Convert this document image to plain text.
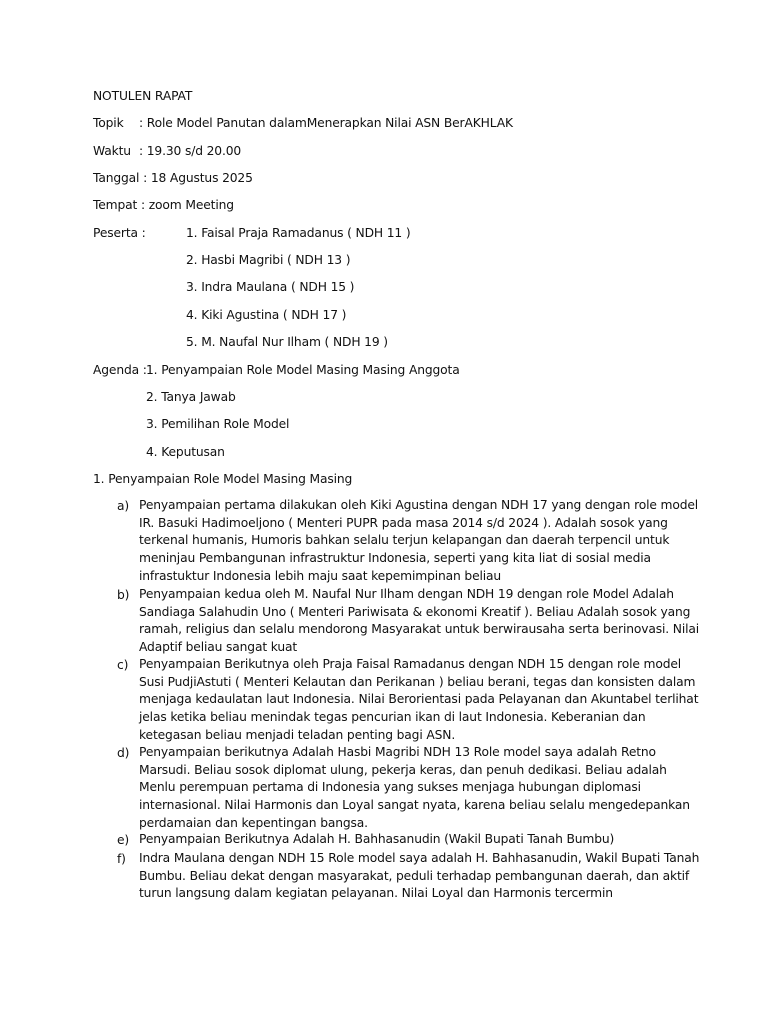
NOTULEN RAPAT
Topik : Role Model Panutan dalamMenerapkan Nilai ASN BerAKHLAK
Waktu : 19.30 s/d 20.00
Tanggal : 18 Agustus 2025
Tempat : zoom Meeting
Peserta :	1. Faisal Praja Ramadanus ( NDH 11 )
2. Hasbi Magribi ( NDH 13 )
3. Indra Maulana ( NDH 15 )
4. Kiki Agustina ( NDH 17 )
5. M. Naufal Nur Ilham ( NDH 19 )
Agenda : 1. Penyampaian Role Model Masing Masing Anggota
2. Tanya Jawab
3. Pemilihan Role Model
4. Keputusan
1. Penyampaian Role Model Masing Masing
a) Penyampaian pertama dilakukan oleh Kiki Agustina dengan NDH 17 yang dengan role model
IR. Basuki Hadimoeljono ( Menteri PUPR pada masa 2014 s/d 2024 ). Adalah sosok yang
terkenal humanis, Humoris bahkan selalu terjun kelapangan dan daerah terpencil untuk
meninjau Pembangunan infrastruktur Indonesia, seperti yang kita liat di sosial media
infrastuktur Indonesia lebih maju saat kepemimpinan beliau
b) Penyampaian kedua oleh M. Naufal Nur Ilham dengan NDH 19 dengan role Model Adalah
Sandiaga Salahudin Uno ( Menteri Pariwisata & ekonomi Kreatif ). Beliau Adalah sosok yang
ramah, religius dan selalu mendorong Masyarakat untuk berwirausaha serta berinovasi. Nilai
Adaptif beliau sangat kuat
c) Penyampaian Berikutnya oleh Praja Faisal Ramadanus dengan NDH 15 dengan role model
Susi PudjiAstuti ( Menteri Kelautan dan Perikanan ) beliau berani, tegas dan konsisten dalam
menjaga kedaulatan laut Indonesia. Nilai Berorientasi pada Pelayanan dan Akuntabel terlihat
jelas ketika beliau menindak tegas pencurian ikan di laut Indonesia. Keberanian dan
ketegasan beliau menjadi teladan penting bagi ASN.
d) Penyampaian berikutnya Adalah Hasbi Magribi NDH 13 Role model saya adalah Retno
Marsudi. Beliau sosok diplomat ulung, pekerja keras, dan penuh dedikasi. Beliau adalah
Menlu perempuan pertama di Indonesia yang sukses menjaga hubungan diplomasi
internasional. Nilai Harmonis dan Loyal sangat nyata, karena beliau selalu mengedepankan
perdamaian dan kepentingan bangsa.
e) Penyampaian Berikutnya Adalah H. Bahhasanudin (Wakil Bupati Tanah Bumbu)
f) Indra Maulana dengan NDH 15 Role model saya adalah H. Bahhasanudin, Wakil Bupati Tanah
Bumbu. Beliau dekat dengan masyarakat, peduli terhadap pembangunan daerah, dan aktif
turun langsung dalam kegiatan pelayanan. Nilai Loyal dan Harmonis tercermin
